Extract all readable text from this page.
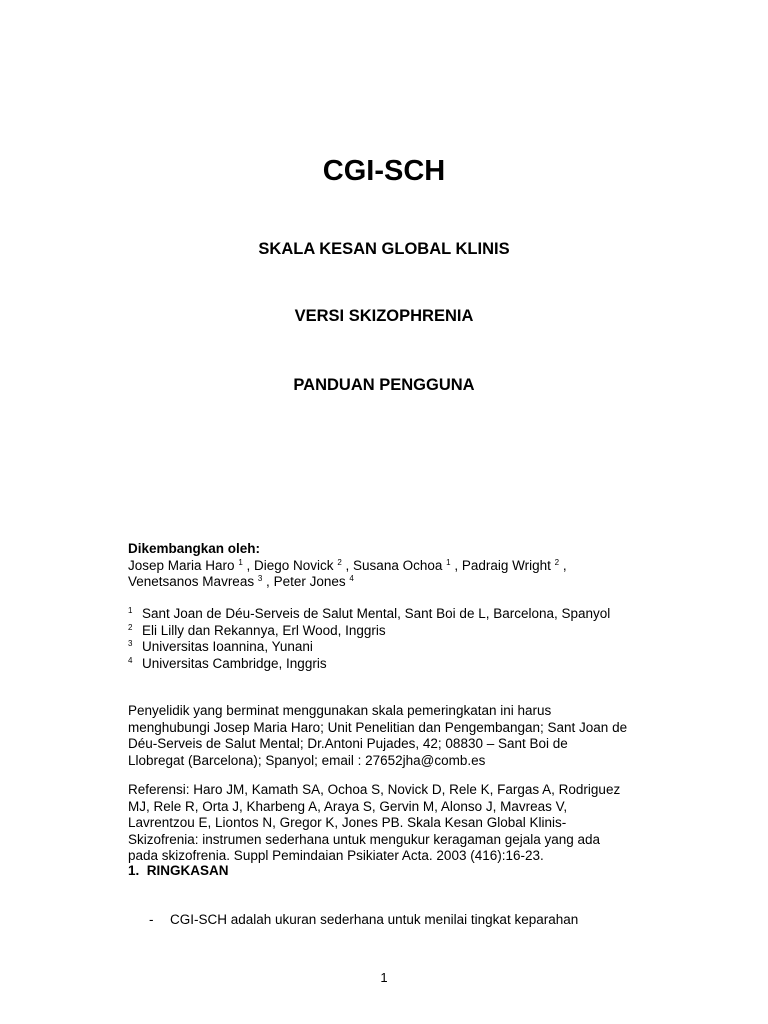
CGI-SCH
SKALA KESAN GLOBAL KLINIS
VERSI SKIZOPHRENIA
PANDUAN PENGGUNA
Dikembangkan oleh:
Josep Maria Haro $^1$ , Diego Novick $^2$ , Susana Ochoa $^1$ , Padraig Wright $^2$ ,
Venetsanos Mavreas $^3$ , Peter Jones $^4$
1 Sant Joan de Déu-Serveis de Salut Mental, Sant Boi de L, Barcelona, Spanyol
2 Eli Lilly dan Rekannya, Erl Wood, Inggris
3 Universitas Ioannina, Yunani
4 Universitas Cambridge, Inggris
Penyelidik yang berminat menggunakan skala pemeringkatan ini harus
menghubungi Josep Maria Haro; Unit Penelitian dan Pengembangan; Sant Joan de
Déu-Serveis de Salut Mental; Dr.Antoni Pujades, 42; 08830 – Sant Boi de
Llobregat (Barcelona); Spanyol; email : 27652jha@comb.es
Referensi: Haro JM, Kamath SA, Ochoa S, Novick D, Rele K, Fargas A, Rodriguez
MJ, Rele R, Orta J, Kharbeng A, Araya S, Gervin M, Alonso J, Mavreas V,
Lavrentzou E, Liontos N, Gregor K, Jones PB. Skala Kesan Global Klinis-
Skizofrenia: instrumen sederhana untuk mengukur keragaman gejala yang ada
pada skizofrenia. Suppl Pemindaian Psikiater Acta. 2003 (416):16-23.
1. RINGKASAN
- CGI-SCH adalah ukuran sederhana untuk menilai tingkat keparahan
1
